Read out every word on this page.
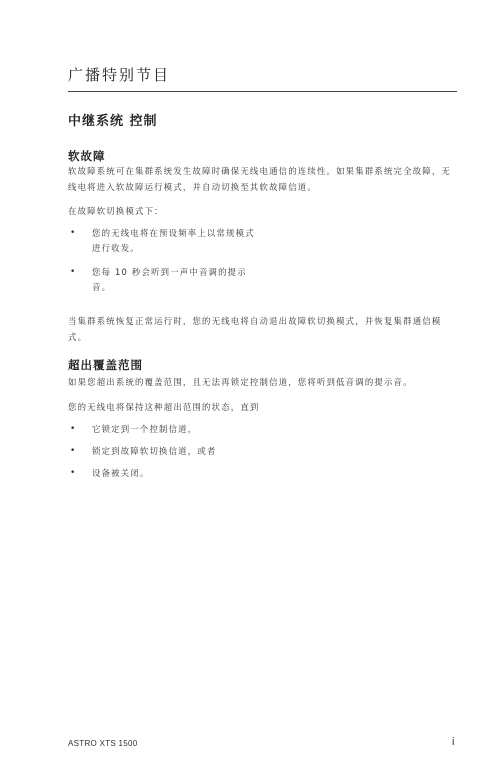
广播特别节目
中继系统 控制
软故障

软故障系统可在集群系统发生故障时确保无线电通信的连续性。如果集群系统完全故障，无线电将进入软故障运行模式，并自动切换至其软故障信道。

在故障软切换模式下：

• 您的无线电将在预设频率上以常规模式进行收发。
• 您每 10 秒会听到一声中音调的提示音。

当集群系统恢复正常运行时，您的无线电将自动退出故障软切换模式，并恢复集群通信模式。

超出覆盖范围

如果您超出系统的覆盖范围，且无法再锁定控制信道，您将听到低音调的提示音。

您的无线电将保持这种超出范围的状态，直到

• 它锁定到一个控制信道，
• 锁定到故障软切换信道，或者
• 设备被关闭。
ASTRO XTS 1500	i
